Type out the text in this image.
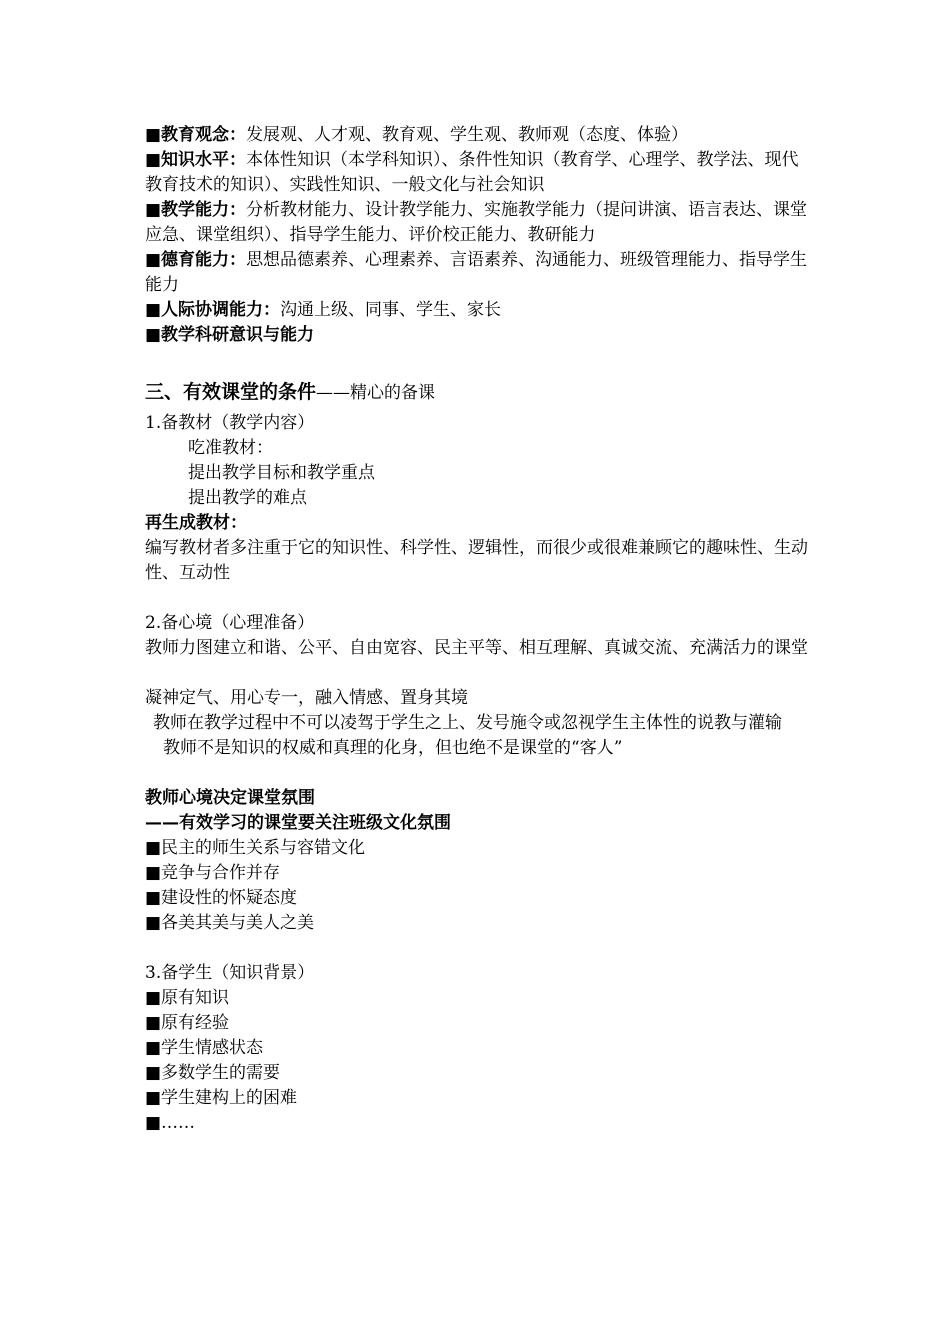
■教育观念：发展观、人才观、教育观、学生观、教师观（态度、体验）

■知识水平：本体性知识（本学科知识）、条件性知识（教育学、心理学、教学法、现代教育技术的知识）、实践性知识、一般文化与社会知识

■教学能力：分析教材能力、设计教学能力、实施教学能力（提问讲演、语言表达、课堂应急、课堂组织）、指导学生能力、评价校正能力、教研能力

■德育能力：思想品德素养、心理素养、言语素养、沟通能力、班级管理能力、指导学生能力

■人际协调能力：沟通上级、同事、学生、家长

■教学科研意识与能力

三、有效课堂的条件——精心的备课

1.备教材（教学内容）

吃准教材：

提出教学目标和教学重点

提出教学的难点

再生成教材：

编写教材者多注重于它的知识性、科学性、逻辑性，而很少或很难兼顾它的趣味性、生动性、互动性

2.备心境（心理准备）

教师力图建立和谐、公平、自由宽容、民主平等、相互理解、真诚交流、充满活力的课堂

凝神定气、用心专一，融入情感、置身其境

教师在教学过程中不可以凌驾于学生之上、发号施令或忽视学生主体性的说教与灌输

教师不是知识的权威和真理的化身，但也绝不是课堂的“客人”

教师心境决定课堂氛围

——有效学习的课堂要关注班级文化氛围

■民主的师生关系与容错文化

■竞争与合作并存

■建设性的怀疑态度

■各美其美与美人之美

3.备学生（知识背景）

■原有知识

■原有经验

■学生情感状态

■多数学生的需要

■学生建构上的困难

■……
